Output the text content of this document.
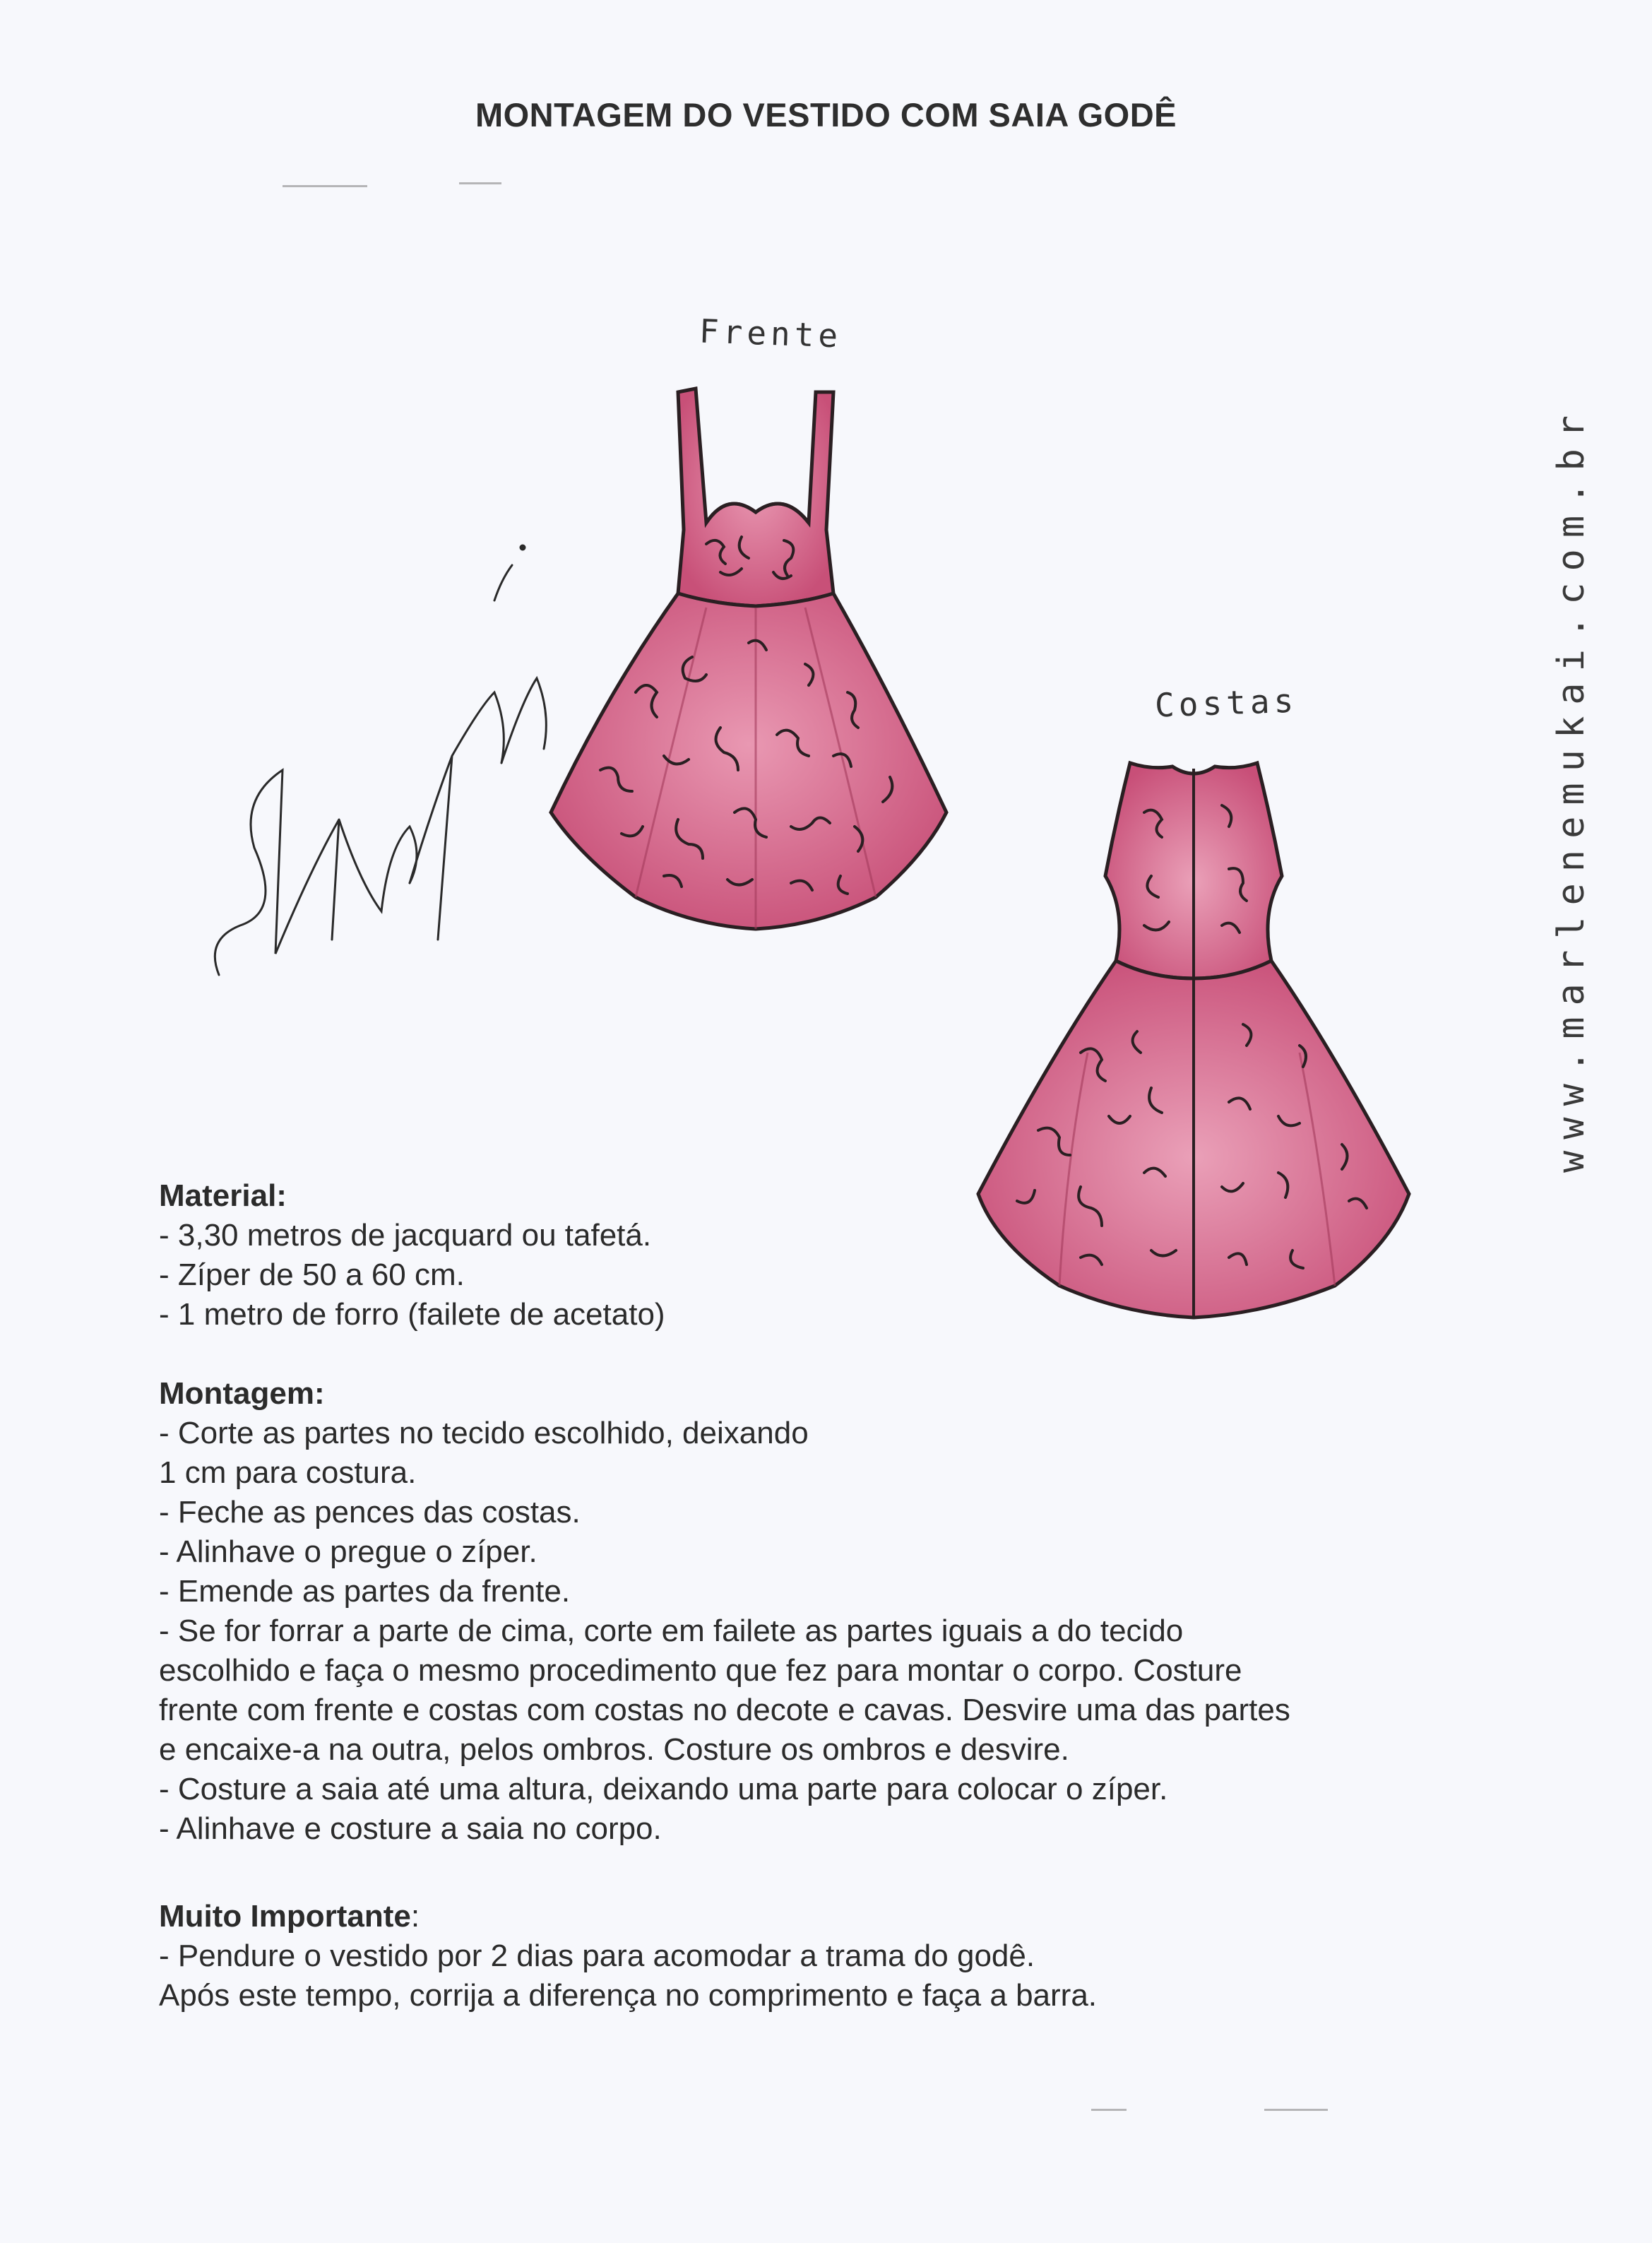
MONTAGEM DO VESTIDO COM SAIA GODÊ
Frente
Costas	www.marlenemukai.com.br
Material:

- 3,30 metros de jacquard ou tafetá.

- Zíper de 50 a 60 cm.

- 1 metro de forro (failete de acetato)

Montagem:

- Corte as partes no tecido escolhido, deixando

1 cm para costura.

- Feche as pences das costas.

- Alinhave o pregue o zíper.

- Emende as partes da frente.

- Se for forrar a parte de cima, corte em failete as partes iguais a do tecido

escolhido e faça o mesmo procedimento que fez para montar o corpo. Costure

frente com frente e costas com costas no decote e cavas. Desvire uma das partes

e encaixe-a na outra, pelos ombros. Costure os ombros e desvire.

- Costure a saia até uma altura, deixando uma parte para colocar o zíper.

- Alinhave e costure a saia no corpo.

Muito Importante:

- Pendure o vestido por 2 dias para acomodar a trama do godê.

Após este tempo, corrija a diferença no comprimento e faça a barra.
